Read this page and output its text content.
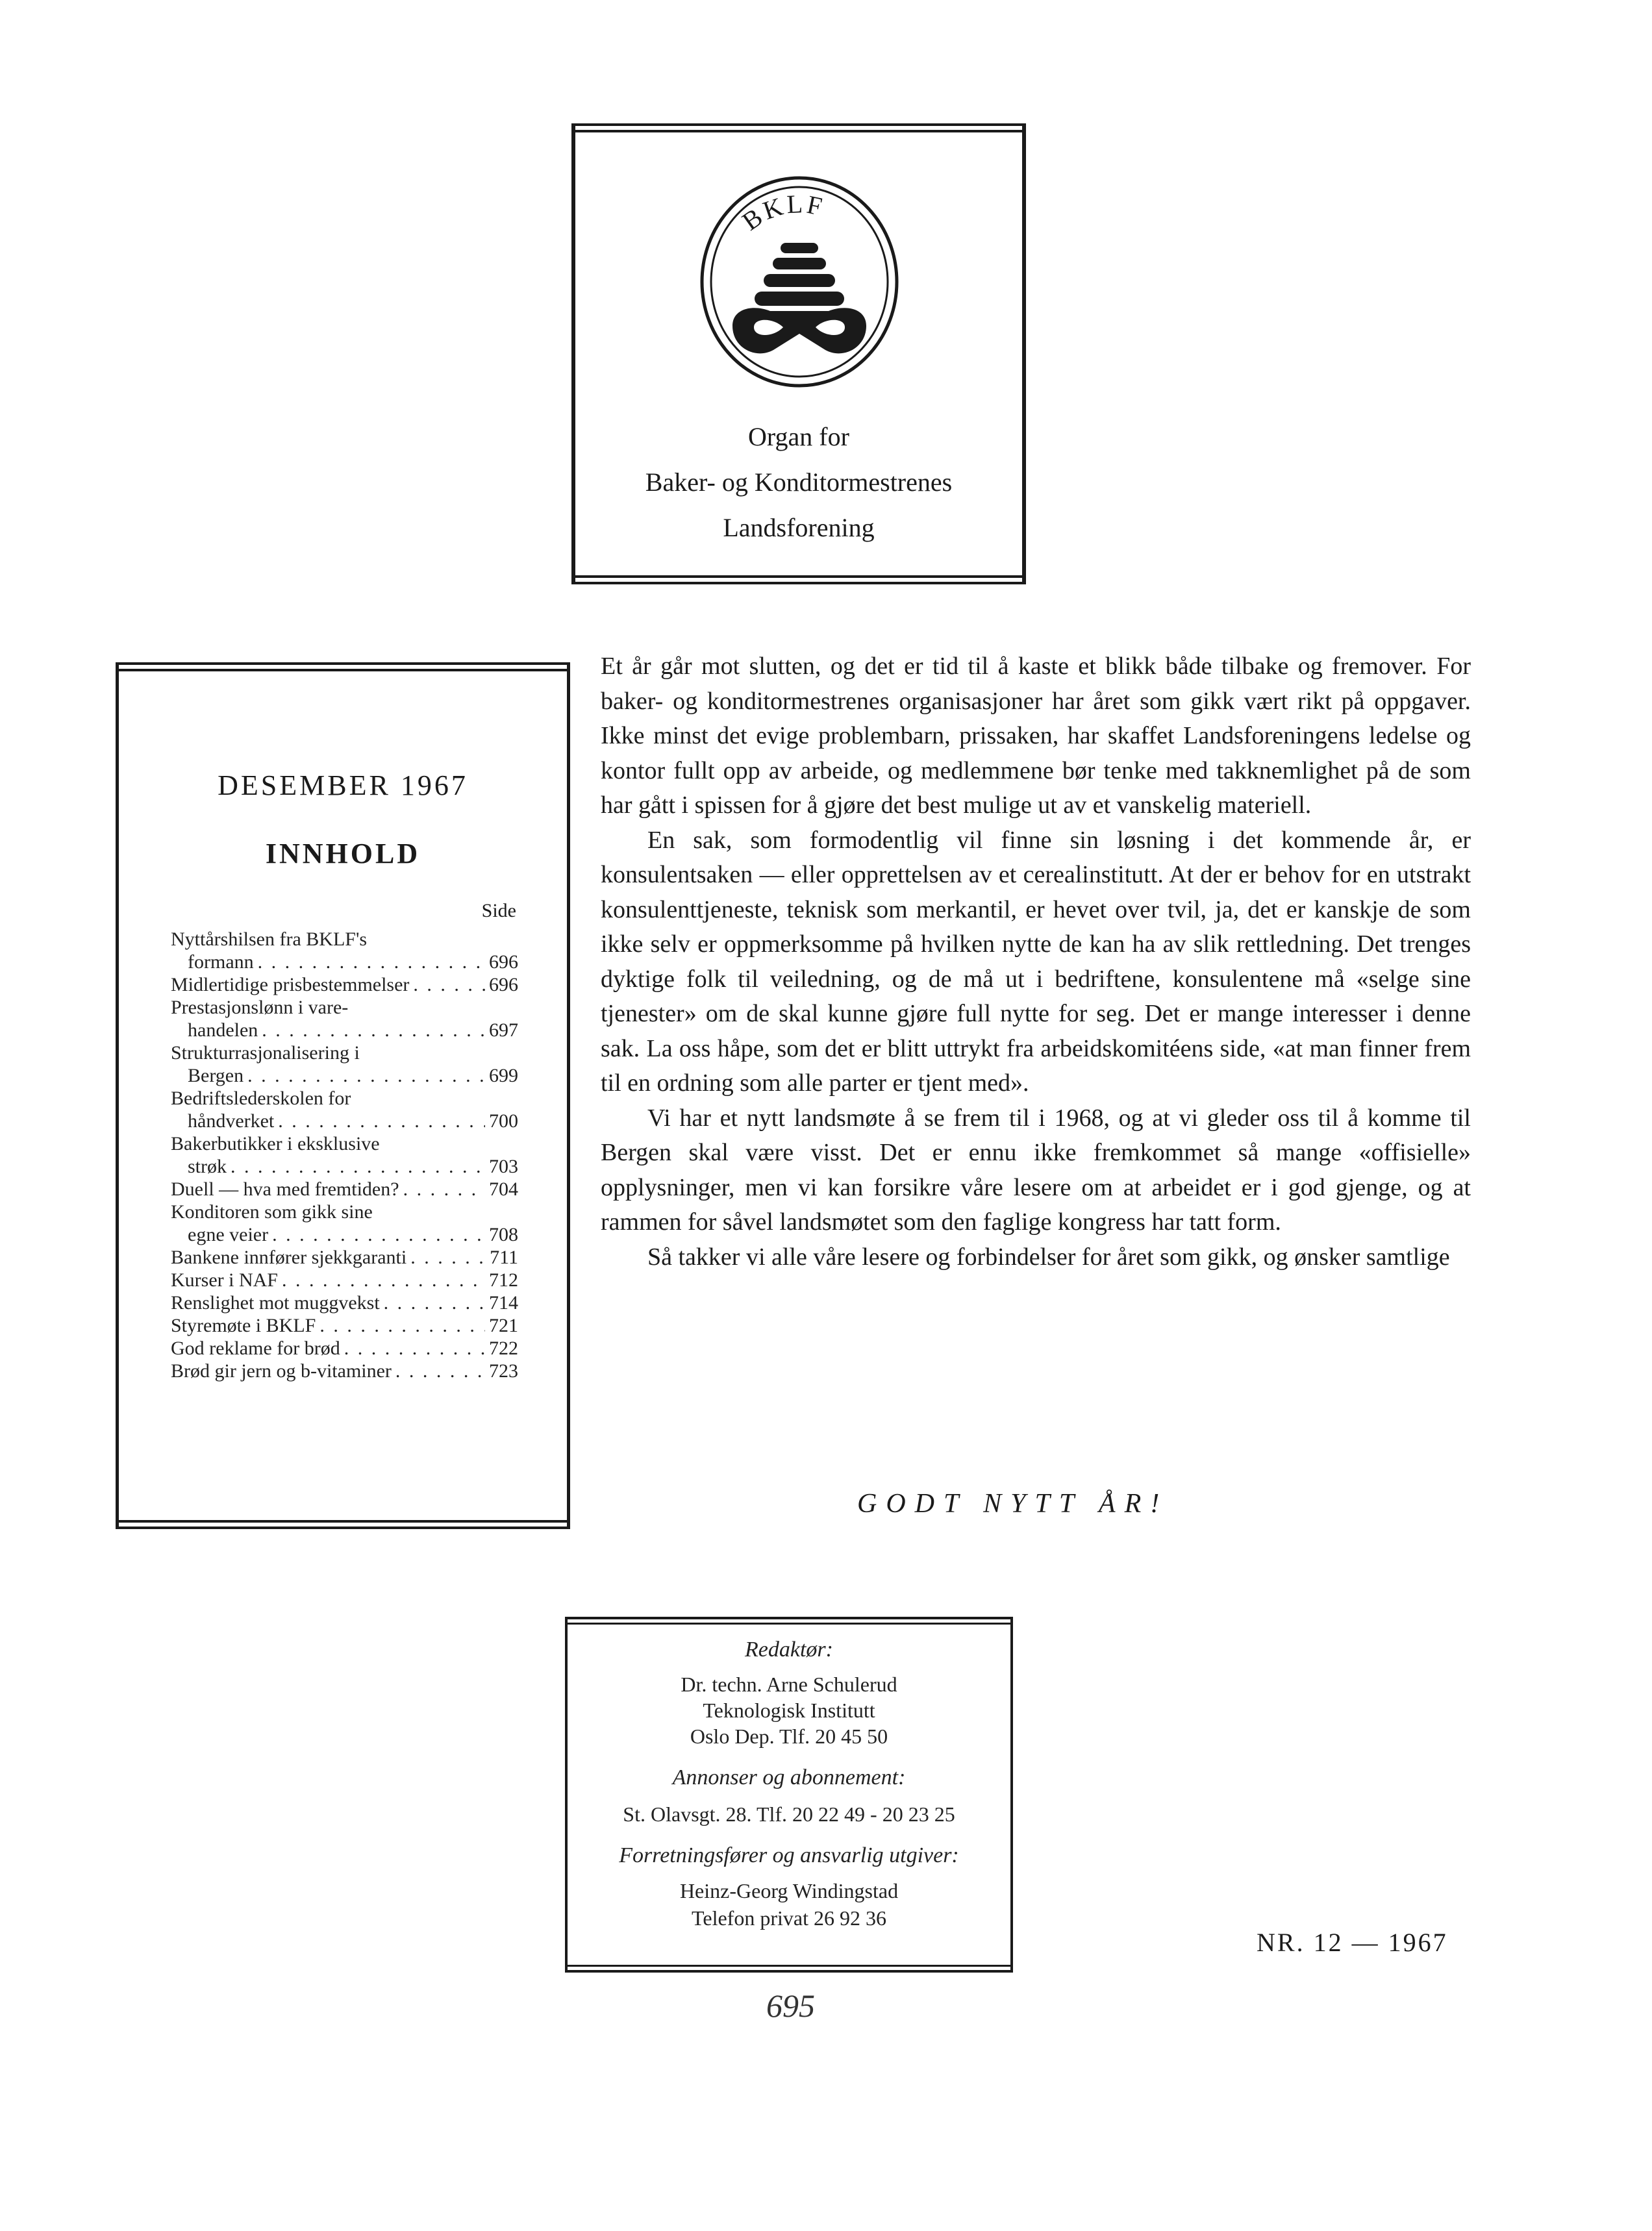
BKLF
Organ for
Baker- og Konditormestrenes
Landsforening
DESEMBER 1967
INNHOLD
Side
Nyttårshilsen fra BKLF's
formann . . .	696
Midlertidige prisbestemmelser . . .	696
Prestasjonslønn i vare-
handelen . . .	697
Strukturrasjonalisering i
Bergen . . .	699
Bedriftslederskolen for
håndverket . . .	700
Bakerbutikker i eksklusive
strøk . . .	703
Duell — hva med fremtiden? . . .	704
Konditoren som gikk sine
egne veier . . .	708
Bankene innfører sjekkgaranti . . .	711
Kurser i NAF . . .	712
Renslighet mot muggvekst . . .	714
Styremøte i BKLF . . .	721
God reklame for brød . . .	722
Brød gir jern og b-vitaminer . . .	723

Et år går mot slutten, og det er tid til å kaste et blikk både tilbake og fremover. For baker- og konditormestrenes organisasjoner har året som gikk vært rikt på oppgaver. Ikke minst det evige problembarn, prissaken, har skaffet Landsforeningens ledelse og kontor fullt opp av arbeide, og medlemmene bør tenke med takknemlighet på de som har gått i spissen for å gjøre det best mulige ut av et vanskelig materiell.

En sak, som formodentlig vil finne sin løsning i det kommende år, er konsulentsaken — eller opprettelsen av et cerealinstitutt. At der er behov for en utstrakt konsulenttjeneste, teknisk som merkantil, er hevet over tvil, ja, det er kanskje de som ikke selv er oppmerksomme på hvilken nytte de kan ha av slik rettledning. Det trenges dyktige folk til veiledning, og de må ut i bedriftene, konsulentene må «selge sine tjenester» om de skal kunne gjøre full nytte for seg. Det er mange interesser i denne sak. La oss håpe, som det er blitt uttrykt fra arbeidskomitéens side, «at man finner frem til en ordning som alle parter er tjent med».

Vi har et nytt landsmøte å se frem til i 1968, og at vi gleder oss til å komme til Bergen skal være visst. Det er ennu ikke fremkommet så mange «offisielle» opplysninger, men vi kan forsikre våre lesere om at arbeidet er i god gjenge, og at rammen for såvel landsmøtet som den faglige kongress har tatt form.

Så takker vi alle våre lesere og forbindelser for året som gikk, og ønsker samtlige

GODT NYTT ÅR!
Redaktør:
Dr. techn. Arne Schulerud
Teknologisk Institutt
Oslo Dep. Tlf. 20 45 50
Annonser og abonnement:
St. Olavsgt. 28. Tlf. 20 22 49 - 20 23 25
Forretningsfører og ansvarlig utgiver:
Heinz-Georg Windingstad
Telefon privat 26 92 36
NR. 12 — 1967
695
